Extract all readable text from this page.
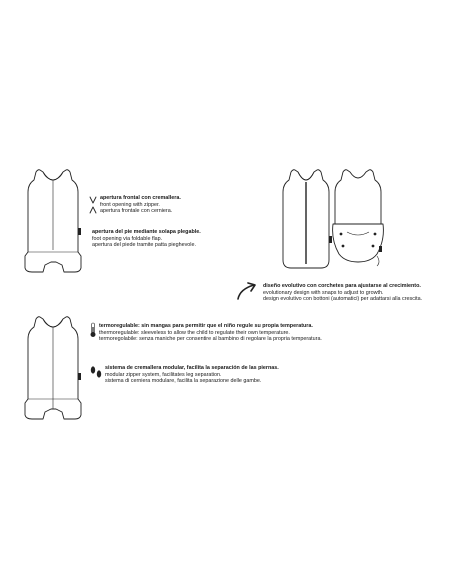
apertura frontal con cremallera.
front opening with zipper.
apertura frontale con cerniera.
apertura del pie mediante solapa plegable.
foot opening via foldable flap.
apertura del piede tramite patta pieghevole.
diseño evolutivo con corchetes para ajustarse al crecimiento.
evolutionary design with snaps to adjust to growth.
design evolutivo con bottoni (automatici) per adattarsi alla crescita.
termoregulable: sin mangas para permitir que el niño regule su propia temperatura.
thermoregulable: sleeveless to allow the child to regulate their own temperature.
termoregolabile: senza maniche per consentire al bambino di regolare la propria temperatura.
sistema de cremallera modular, facilita la separación de las piernas.
modular zipper system, facilitates leg separation.
sistema di cerniera modulare, facilita la separazione delle gambe.
